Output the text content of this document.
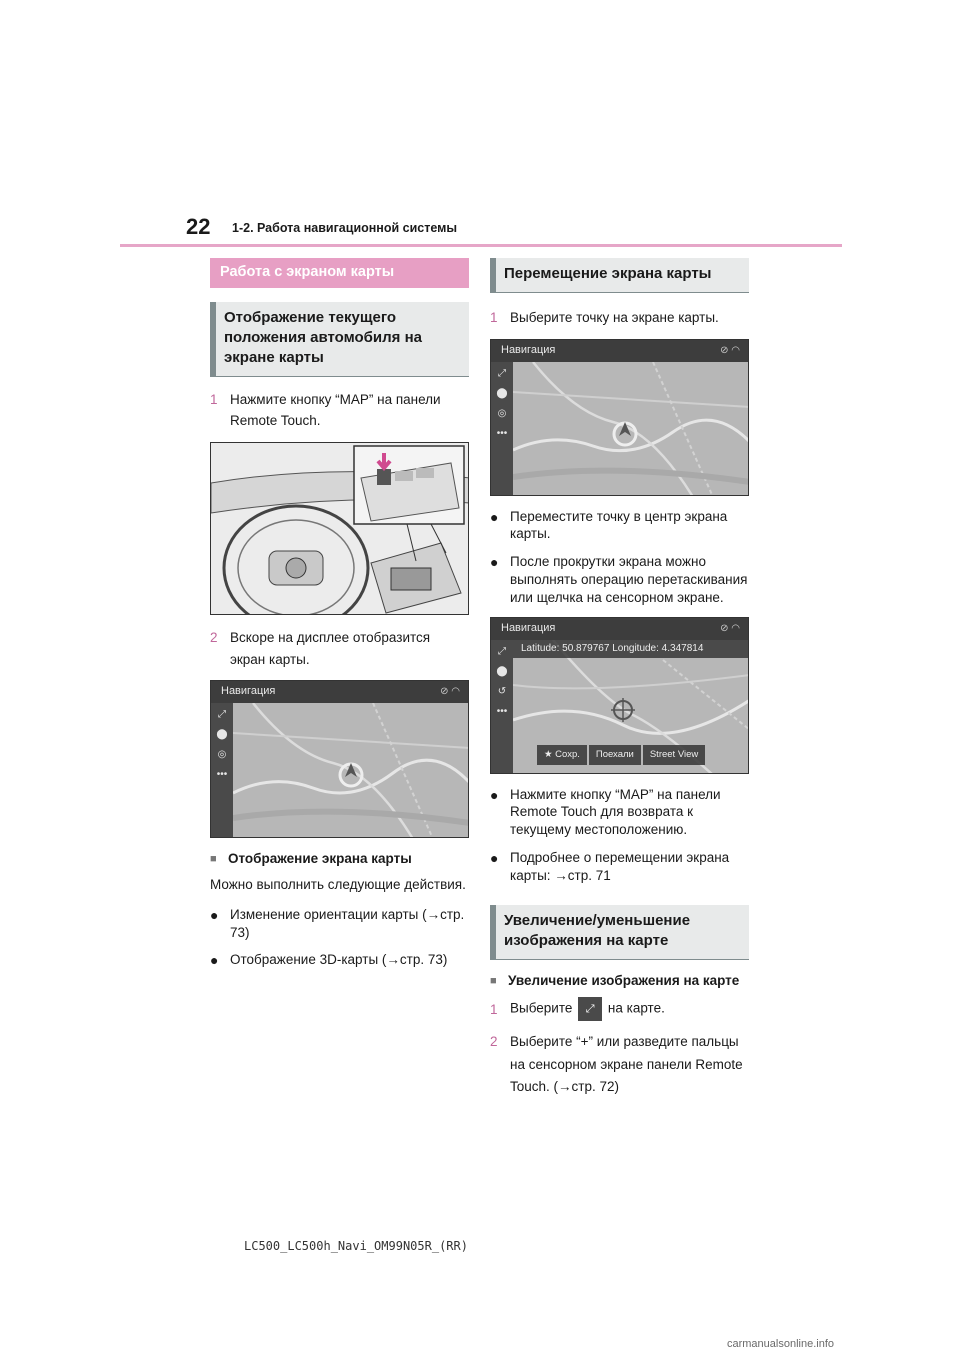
22 1-2. Работа навигационной системы
Работа с экраном карты
Отображение текущего положения автомобиля на экране карты
1 Нажмите кнопку “MAP” на панели Remote Touch.
2 Вскоре на дисплее отобразится экран карты.
Навигация	⊘ ◠
⤢
⬤
◎
•••
■ Отображение экрана карты
Можно выполнить следующие действия.
● Изменение ориентации карты (→стр. 73)
● Отображение 3D-карты (→стр. 73)
Перемещение экрана карты
1 Выберите точку на экране карты.
Навигация	⊘ ◠
⤢
⬤
◎
•••
● Переместите точку в центр экрана карты.
● После прокрутки экрана можно выполнять операцию перетаскивания или щелчка на сенсорном экране.
Навигация	⊘ ◠
⤢
⬤
↺
•••
Latitude: 50.879767 Longitude: 4.347814
★ Сохр.	Поехали	Street View
● Нажмите кнопку “MAP” на панели Remote Touch для возврата к текущему местоположению.
● Подробнее о перемещении экрана карты: →стр. 71
Увеличение/уменьшение изображения на карте
■ Увеличение изображения на карте
1 Выберите ⤢ на карте.
2 Выберите “+” или разведите пальцы на сенсорном экране панели Remote Touch. (→стр. 72)
LC500_LC500h_Navi_OM99N05R_(RR)
carmanualsonline.info
